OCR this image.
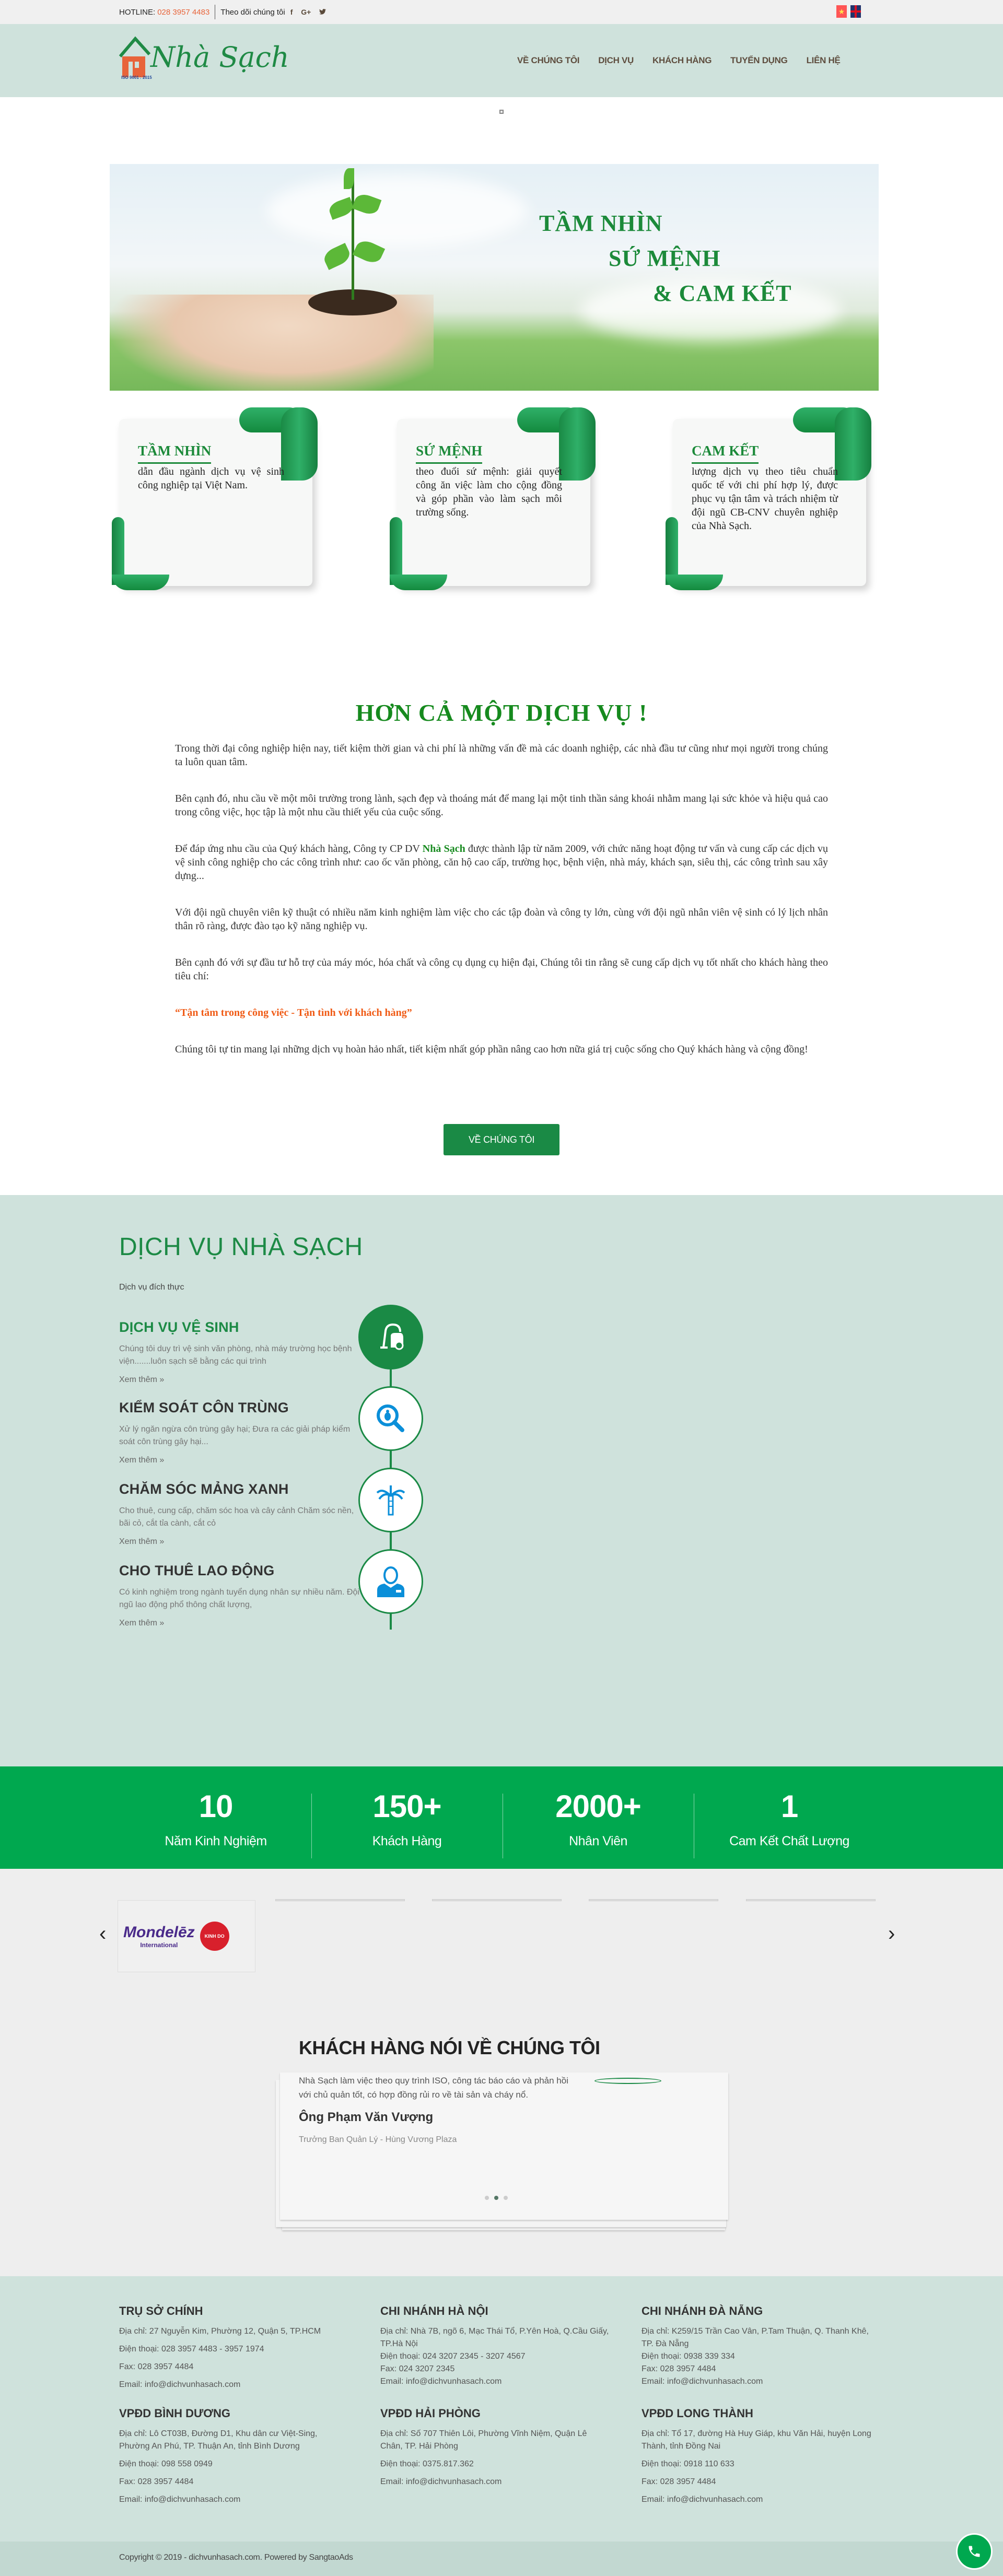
HOTLINE: 028 3957 4483 Theo dõi chúng tôi f G+	★
Nhà Sạch
ISO 9001 : 2015
VỀ CHÚNG TÔI DỊCH VỤ KHÁCH HÀNG TUYỂN DỤNG LIÊN HỆ
TẦM NHÌN
SỨ MỆNH
& CAM KẾT
TẦM NHÌN
dẫn đầu ngành dịch vụ vệ sinh công nghiệp tại Việt Nam.
SỨ MỆNH
theo đuổi sứ mệnh: giải quyết công ăn việc làm cho cộng đồng và góp phần vào làm sạch môi trường sống.
CAM KẾT
lượng dịch vụ theo tiêu chuẩn quốc tế với chi phí hợp lý, được phục vụ tận tâm và trách nhiệm từ đội ngũ CB-CNV chuyên nghiệp của Nhà Sạch.
HƠN CẢ MỘT DỊCH VỤ !

Trong thời đại công nghiệp hiện nay, tiết kiệm thời gian và chi phí là những vấn đề mà các doanh nghiệp, các nhà đầu tư cũng như mọi người trong chúng ta luôn quan tâm.

Bên cạnh đó, nhu cầu về một môi trường trong lành, sạch đẹp và thoáng mát để mang lại một tinh thần sảng khoái nhằm mang lại sức khỏe và hiệu quả cao trong công việc, học tập là một nhu cầu thiết yếu của cuộc sống.

Để đáp ứng nhu cầu của Quý khách hàng, Công ty CP DV Nhà Sạch được thành lập từ năm 2009, với chức năng hoạt động tư vấn và cung cấp các dịch vụ vệ sinh công nghiệp cho các công trình như: cao ốc văn phòng, căn hộ cao cấp, trường học, bệnh viện, nhà máy, khách sạn, siêu thị, các công trình sau xây dựng...

Với đội ngũ chuyên viên kỹ thuật có nhiều năm kinh nghiệm làm việc cho các tập đoàn và công ty lớn, cùng với đội ngũ nhân viên vệ sinh có lý lịch nhân thân rõ ràng, được đào tạo kỹ năng nghiệp vụ.

Bên cạnh đó với sự đầu tư hỗ trợ của máy móc, hóa chất và công cụ dụng cụ hiện đại, Chúng tôi tin rằng sẽ cung cấp dịch vụ tốt nhất cho khách hàng theo tiêu chí:

“Tận tâm trong công việc - Tận tình với khách hàng”

Chúng tôi tự tin mang lại những dịch vụ hoàn hảo nhất, tiết kiệm nhất góp phần nâng cao hơn nữa giá trị cuộc sống cho Quý khách hàng và cộng đồng!

VỀ CHÚNG TÔI
DỊCH VỤ NHÀ SẠCH
Dịch vụ đích thực
DỊCH VỤ VỆ SINH
Chúng tôi duy trì vệ sinh văn phòng, nhà máy trường học bệnh viện.......luôn sạch sẽ bằng các qui trình
Xem thêm »
KIỂM SOÁT CÔN TRÙNG
Xử lý ngăn ngừa côn trùng gây hại; Đưa ra các giải pháp kiểm soát côn trùng gây hại...
Xem thêm »
CHĂM SÓC MẢNG XANH
Cho thuê, cung cấp, chăm sóc hoa và cây cảnh Chăm sóc nền, bãi cỏ, cắt tỉa cành, cắt cỏ
Xem thêm »
CHO THUÊ LAO ĐỘNG
Có kinh nghiệm trong ngành tuyển dụng nhân sự nhiều năm. Đội ngũ lao động phổ thông chất lượng,
Xem thêm »
10
Năm Kinh Nghiệm
150+
Khách Hàng
2000+
Nhân Viên
1
Cam Kết Chất Lượng
‹ Mondelēz
International
KINH DO	›
KHÁCH HÀNG NÓI VỀ CHÚNG TÔI
Nhà Sạch làm việc theo quy trình ISO, công tác báo cáo và phản hồi với chủ quản tốt, có hợp đồng rủi ro về tài sản và cháy nổ.
Ông Phạm Văn Vượng
Trưởng Ban Quản Lý - Hùng Vương Plaza
TRỤ SỞ CHÍNH

Địa chỉ: 27 Nguyễn Kim, Phường 12, Quận 5, TP.HCM

Điện thoại: 028 3957 4483 - 3957 1974

Fax: 028 3957 4484

Email: info@dichvunhasach.com

CHI NHÁNH HÀ NỘI

Địa chỉ: Nhà 7B, ngõ 6, Mạc Thái Tổ, P.Yên Hoà, Q.Cầu Giấy, TP.Hà Nội

Điện thoại: 024 3207 2345 - 3207 4567

Fax: 024 3207 2345

Email: info@dichvunhasach.com

CHI NHÁNH ĐÀ NẴNG

Địa chỉ: K259/15 Trần Cao Vân, P.Tam Thuận, Q. Thanh Khê, TP. Đà Nẵng

Điện thoại: 0938 339 334

Fax: 028 3957 4484

Email: info@dichvunhasach.com

VPĐD BÌNH DƯƠNG

Địa chỉ: Lô CT03B, Đường D1, Khu dân cư Việt-Sing, Phường An Phú, TP. Thuận An, tỉnh Bình Dương

Điện thoại: 098 558 0949

Fax: 028 3957 4484

Email: info@dichvunhasach.com

VPĐD HẢI PHÒNG

Địa chỉ: Số 707 Thiên Lôi, Phường Vĩnh Niệm, Quận Lê Chân, TP. Hải Phòng

Điện thoại: 0375.817.362

Email: info@dichvunhasach.com

VPĐD LONG THÀNH

Địa chỉ: Tổ 17, đường Hà Huy Giáp, khu Văn Hải, huyện Long Thành, tỉnh Đồng Nai

Điện thoại: 0918 110 633

Fax: 028 3957 4484

Email: info@dichvunhasach.com

Copyright © 2019 - dichvunhasach.com. Powered by SangtaoAds
